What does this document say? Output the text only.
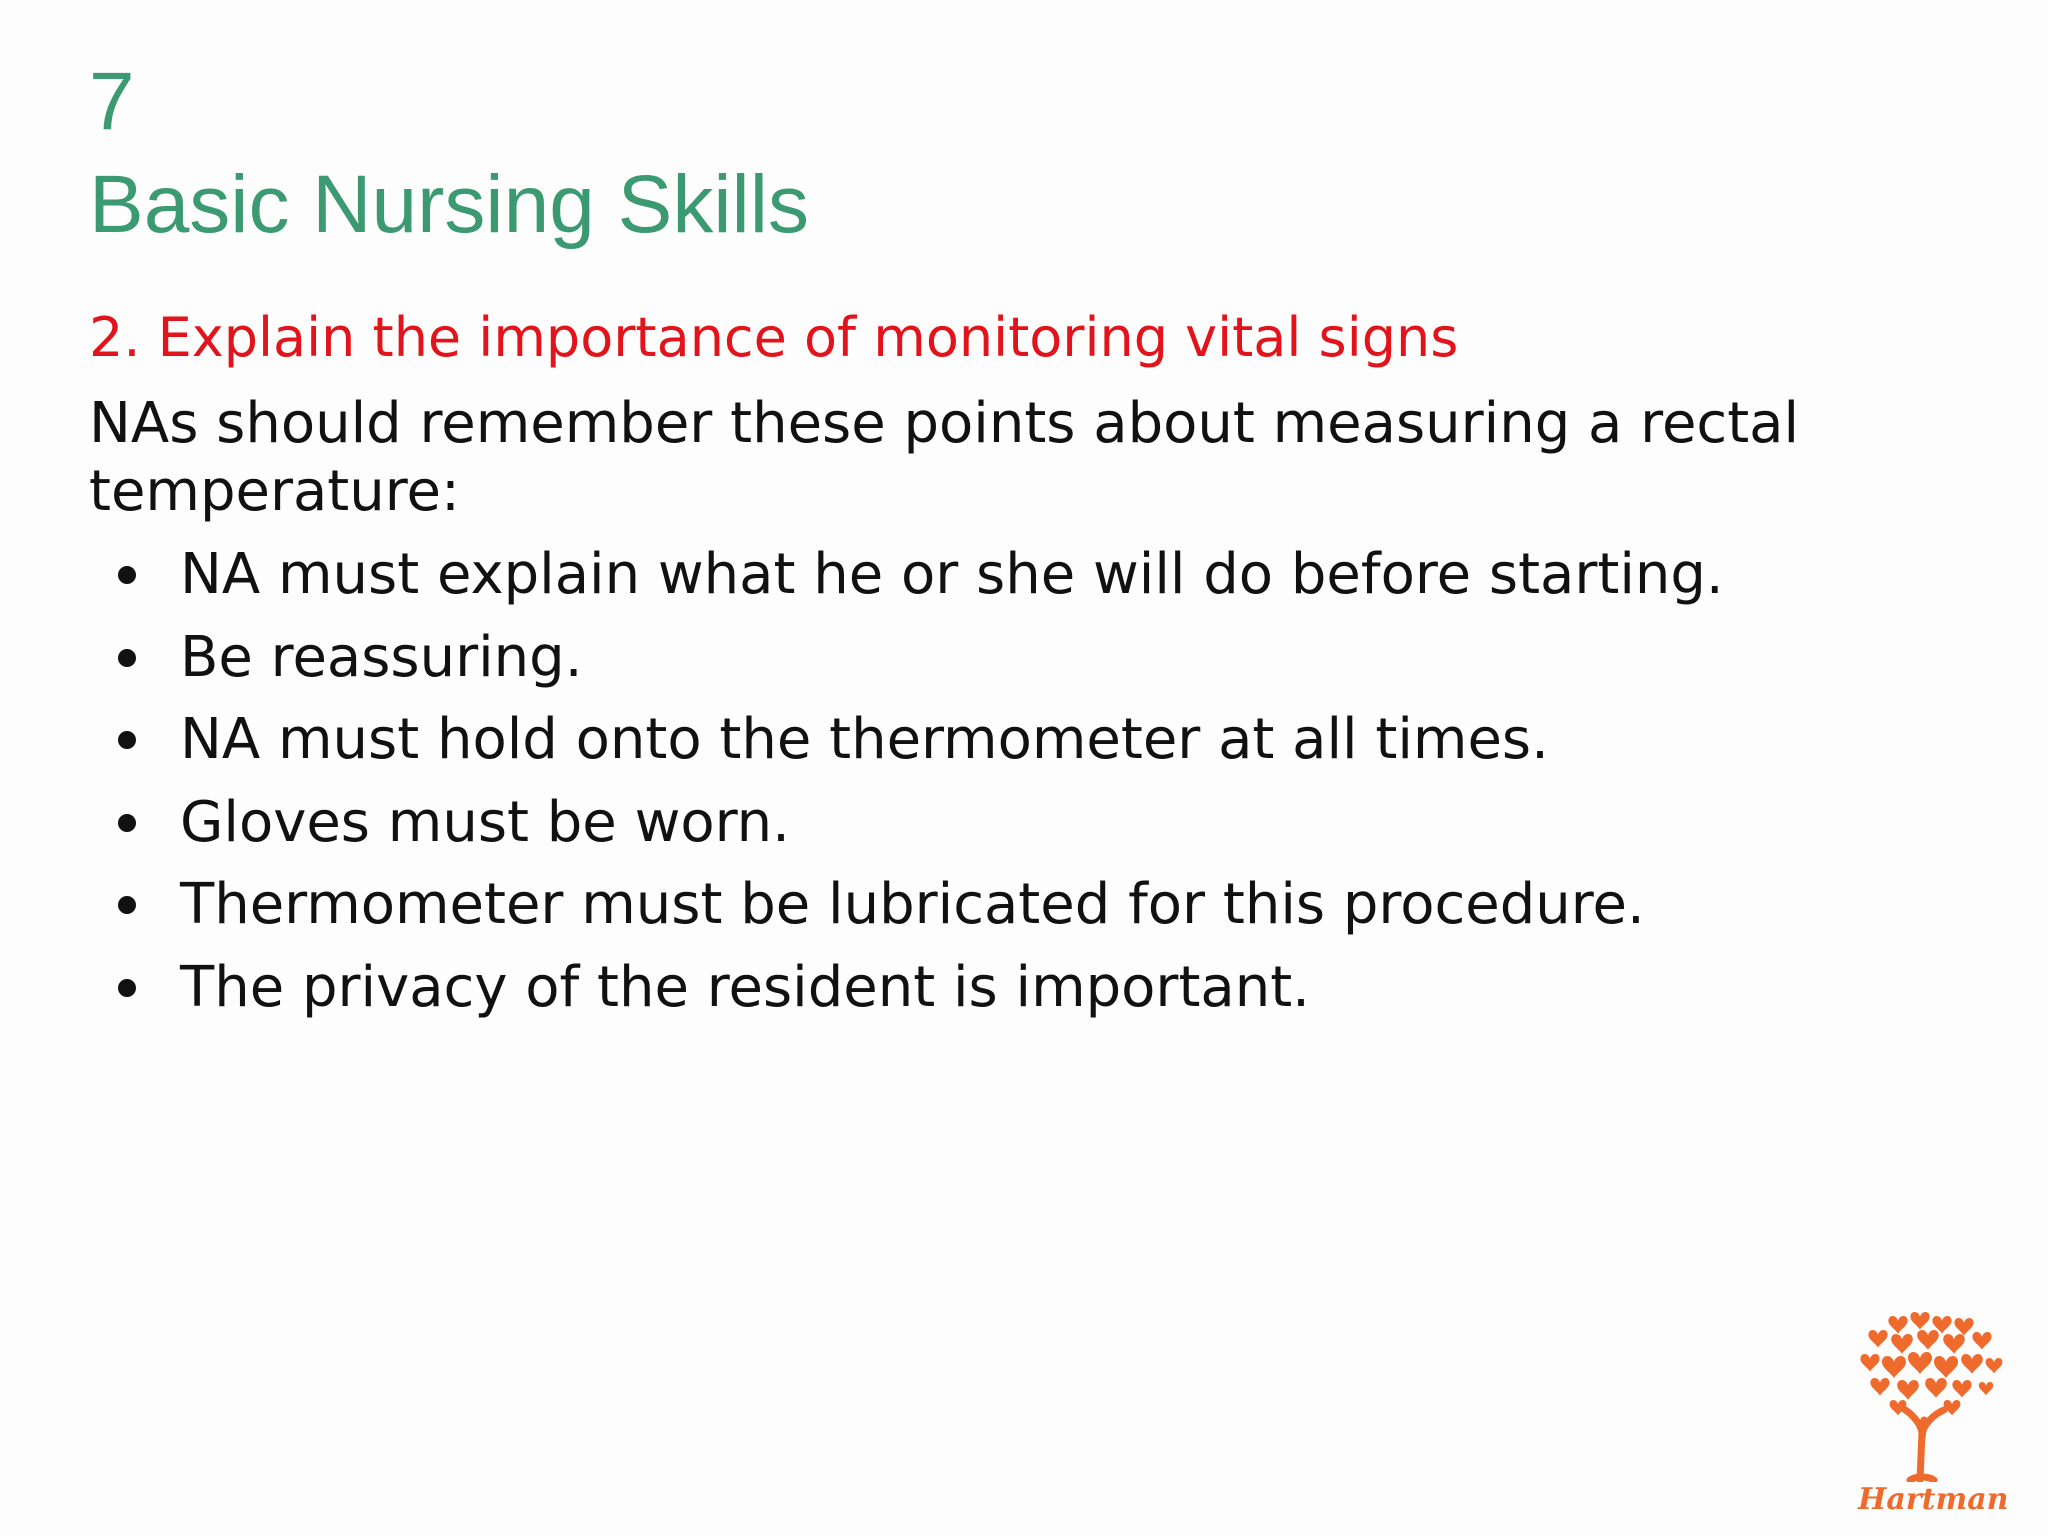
7
Basic Nursing Skills
2. Explain the importance of monitoring vital signs
NAs should remember these points about measuring a rectal temperature:
NA must explain what he or she will do before starting.
Be reassuring.
NA must hold onto the thermometer at all times.
Gloves must be worn.
Thermometer must be lubricated for this procedure.
The privacy of the resident is important.
Hartman
